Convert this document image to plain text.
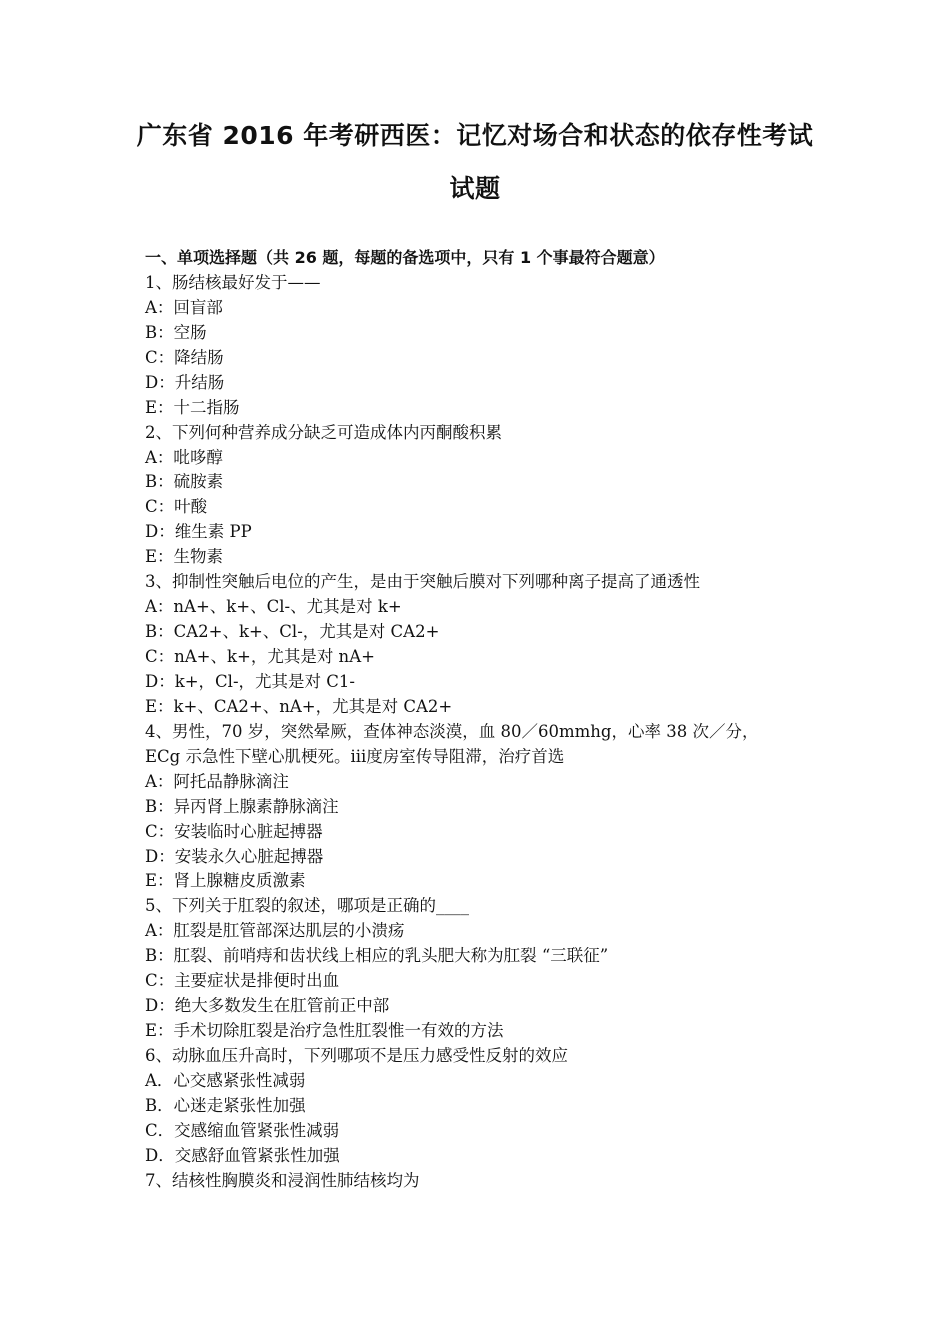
广东省 2016 年考研西医：记忆对场合和状态的依存性考试
试题
一、单项选择题（共 26 题，每题的备选项中，只有 1 个事最符合题意）
1、肠结核最好发于——
A：回盲部
B：空肠
C：降结肠
D：升结肠
E：十二指肠
2、下列何种营养成分缺乏可造成体内丙酮酸积累
A：吡哆醇
B：硫胺素
C：叶酸
D：维生素 PP
E：生物素
3、抑制性突触后电位的产生，是由于突触后膜对下列哪种离子提高了通透性
A：nA+、k+、Cl-、尤其是对 k+
B：CA2+、k+、Cl-，尤其是对 CA2+
C：nA+、k+，尤其是对 nA+
D：k+，Cl-，尤其是对 C1-
E：k+、CA2+、nA+，尤其是对 CA2+
4、男性，70 岁，突然晕厥，查体神态淡漠，血 80／60mmhg，心率 38 次／分，
ECg 示急性下壁心肌梗死。iii度房室传导阻滞，治疗首选
A：阿托品静脉滴注
B：异丙肾上腺素静脉滴注
C：安装临时心脏起搏器
D：安装永久心脏起搏器
E：肾上腺糖皮质激素
5、下列关于肛裂的叙述，哪项是正确的____
A：肛裂是肛管部深达肌层的小溃疡
B：肛裂、前哨痔和齿状线上相应的乳头肥大称为肛裂 “三联征”
C：主要症状是排便时出血
D：绝大多数发生在肛管前正中部
E：手术切除肛裂是治疗急性肛裂惟一有效的方法
6、动脉血压升高时，下列哪项不是压力感受性反射的效应
A．心交感紧张性减弱
B．心迷走紧张性加强
C．交感缩血管紧张性减弱
D．交感舒血管紧张性加强
7、结核性胸膜炎和浸润性肺结核均为
